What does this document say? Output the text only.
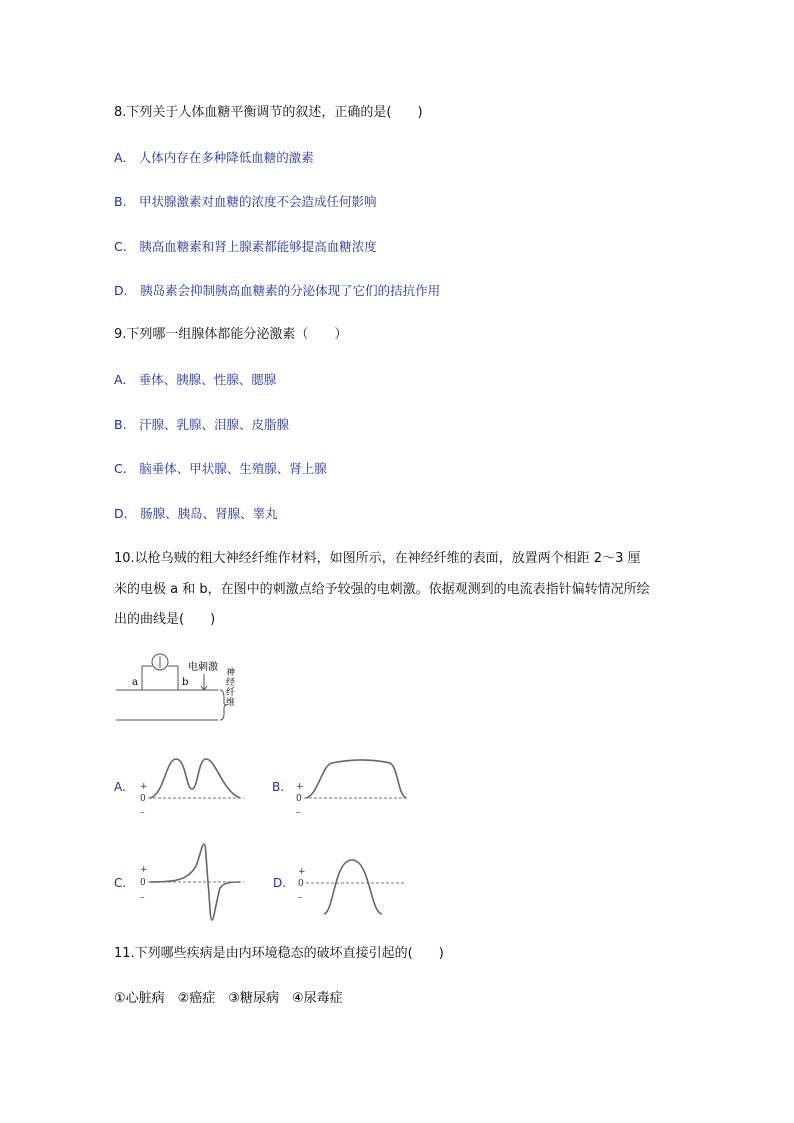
8.下列关于人体血糖平衡调节的叙述，正确的是(　　)
A.　人体内存在多种降低血糖的激素
B.　甲状腺激素对血糖的浓度不会造成任何影响
C.　胰高血糖素和肾上腺素都能够提高血糖浓度
D.　胰岛素会抑制胰高血糖素的分泌体现了它们的拮抗作用
9.下列哪一组腺体都能分泌激素（　　）
A.　垂体、胰腺、性腺、腮腺
B.　汗腺、乳腺、泪腺、皮脂腺
C.　脑垂体、甲状腺、生殖腺、肾上腺
D.　肠腺、胰岛、肾腺、睾丸
10.以枪乌贼的粗大神经纤维作材料，如图所示，在神经纤维的表面，放置两个相距 2～3 厘
米的电极 a 和 b，在图中的刺激点给予较强的电刺激。依据观测到的电流表指针偏转情况所绘
出的曲线是(　　)
a	b
电刺激 神
经
纤
维
A. +
0
–
B. +
0
–
C.
+
0
–
D.
+
0
–
11.下列哪些疾病是由内环境稳态的破坏直接引起的(　　)
①心脏病　②癌症　③糖尿病　④尿毒症
